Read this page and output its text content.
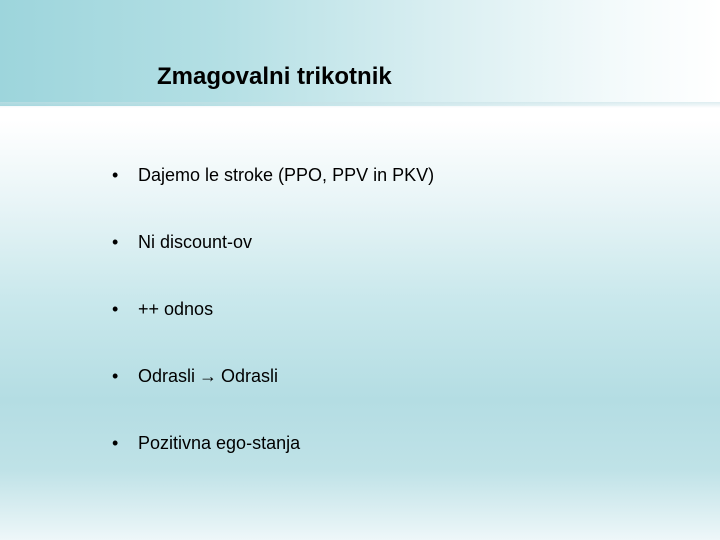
Zmagovalni trikotnik
• Dajemo le stroke (PPO, PPV in PKV)
• Ni discount-ov
• ++ odnos
• Odrasli → Odrasli
• Pozitivna ego-stanja
